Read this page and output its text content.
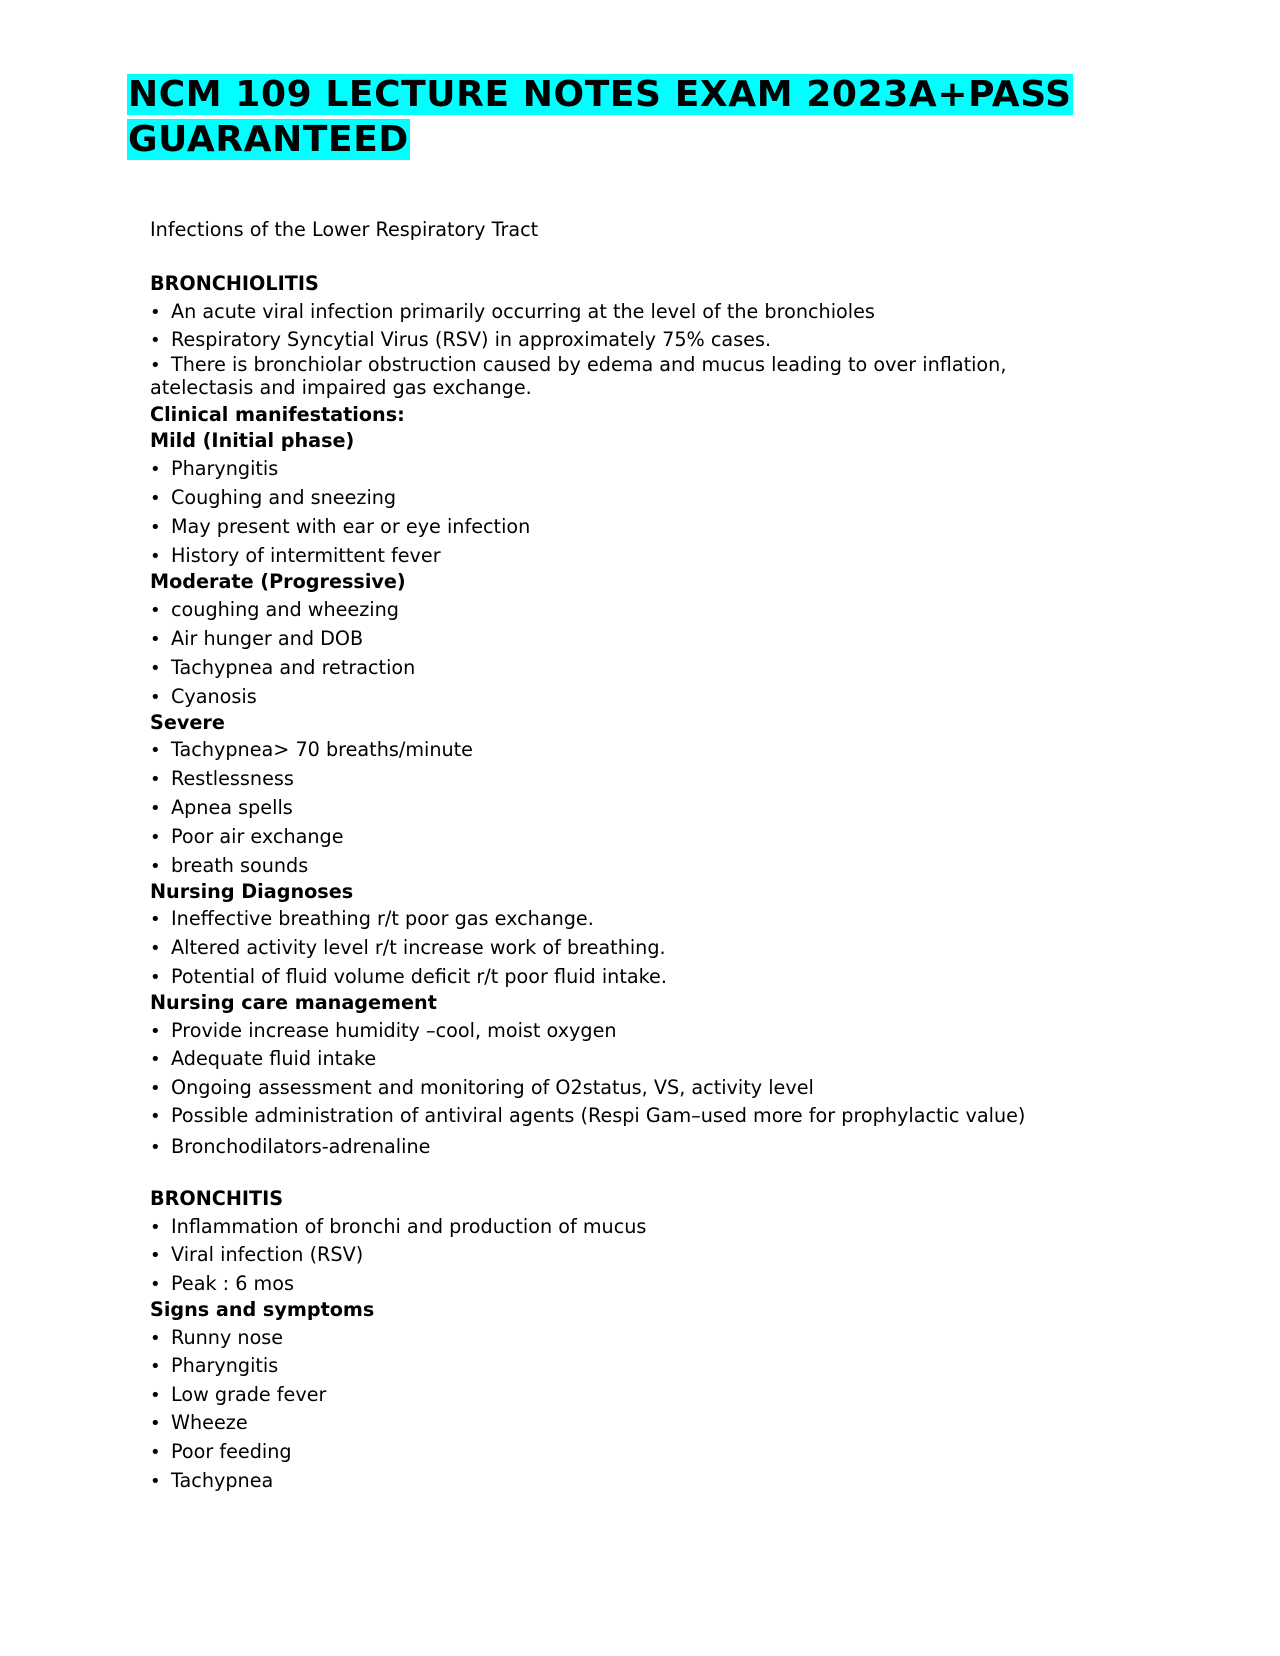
NCM 109 LECTURE NOTES EXAM 2023A+PASS GUARANTEED
Infections of the Lower Respiratory Tract

BRONCHIOLITIS
• An acute viral infection primarily occurring at the level of the bronchioles
• Respiratory Syncytial Virus (RSV) in approximately 75% cases.
• There is bronchiolar obstruction caused by edema and mucus leading to over inflation, atelectasis and impaired gas exchange.
Clinical manifestations:
Mild (Initial phase)
• Pharyngitis
• Coughing and sneezing
• May present with ear or eye infection
• History of intermittent fever
Moderate (Progressive)
• coughing and wheezing
• Air hunger and DOB
• Tachypnea and retraction
• Cyanosis
Severe
• Tachypnea> 70 breaths/minute
• Restlessness
• Apnea spells
• Poor air exchange
• breath sounds
Nursing Diagnoses
• Ineffective breathing r/t poor gas exchange.
• Altered activity level r/t increase work of breathing.
• Potential of fluid volume deficit r/t poor fluid intake.
Nursing care management
• Provide increase humidity –cool, moist oxygen
• Adequate fluid intake
• Ongoing assessment and monitoring of O2status, VS, activity level
• Possible administration of antiviral agents (Respi Gam–used more for prophylactic value)
• Bronchodilators-adrenaline

BRONCHITIS
• Inflammation of bronchi and production of mucus
• Viral infection (RSV)
• Peak : 6 mos
Signs and symptoms
• Runny nose
• Pharyngitis
• Low grade fever
• Wheeze
• Poor feeding
• Tachypnea
